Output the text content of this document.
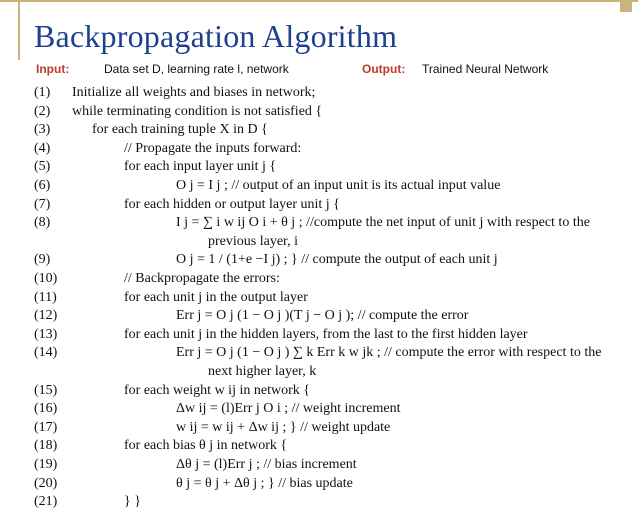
Backpropagation Algorithm
Input:	Data set D, learning rate l, network	Output: Trained Neural Network
(1)	Initialize all weights and biases in network;
(2)	while terminating condition is not satisfied {
(3)	for each training tuple X in D {
(4)	// Propagate the inputs forward:
(5)	for each input layer unit j {
(6)	O j = I j ; // output of an input unit is its actual input value
(7)	for each hidden or output layer unit j {
(8)	I j = ∑ i w ij O i + θ j ; //compute the net input of unit j with respect to the
previous layer, i
(9)	O j = 1 / (1+e −I j) ; } // compute the output of each unit j
(10)	// Backpropagate the errors:
(11)	for each unit j in the output layer
(12)	Err j = O j (1 − O j )(T j − O j ); // compute the error
(13)	for each unit j in the hidden layers, from the last to the first hidden layer
(14)	Err j = O j (1 − O j ) ∑ k Err k w jk ; // compute the error with respect to the
next higher layer, k
(15)	for each weight w ij in network {
(16)	Δw ij = (l)Err j O i ; // weight increment
(17)	w ij = w ij + Δw ij ; } // weight update
(18)	for each bias θ j in network {
(19)	Δθ j = (l)Err j ; // bias increment
(20)	θ j = θ j + Δθ j ; } // bias update
(21)	} }
